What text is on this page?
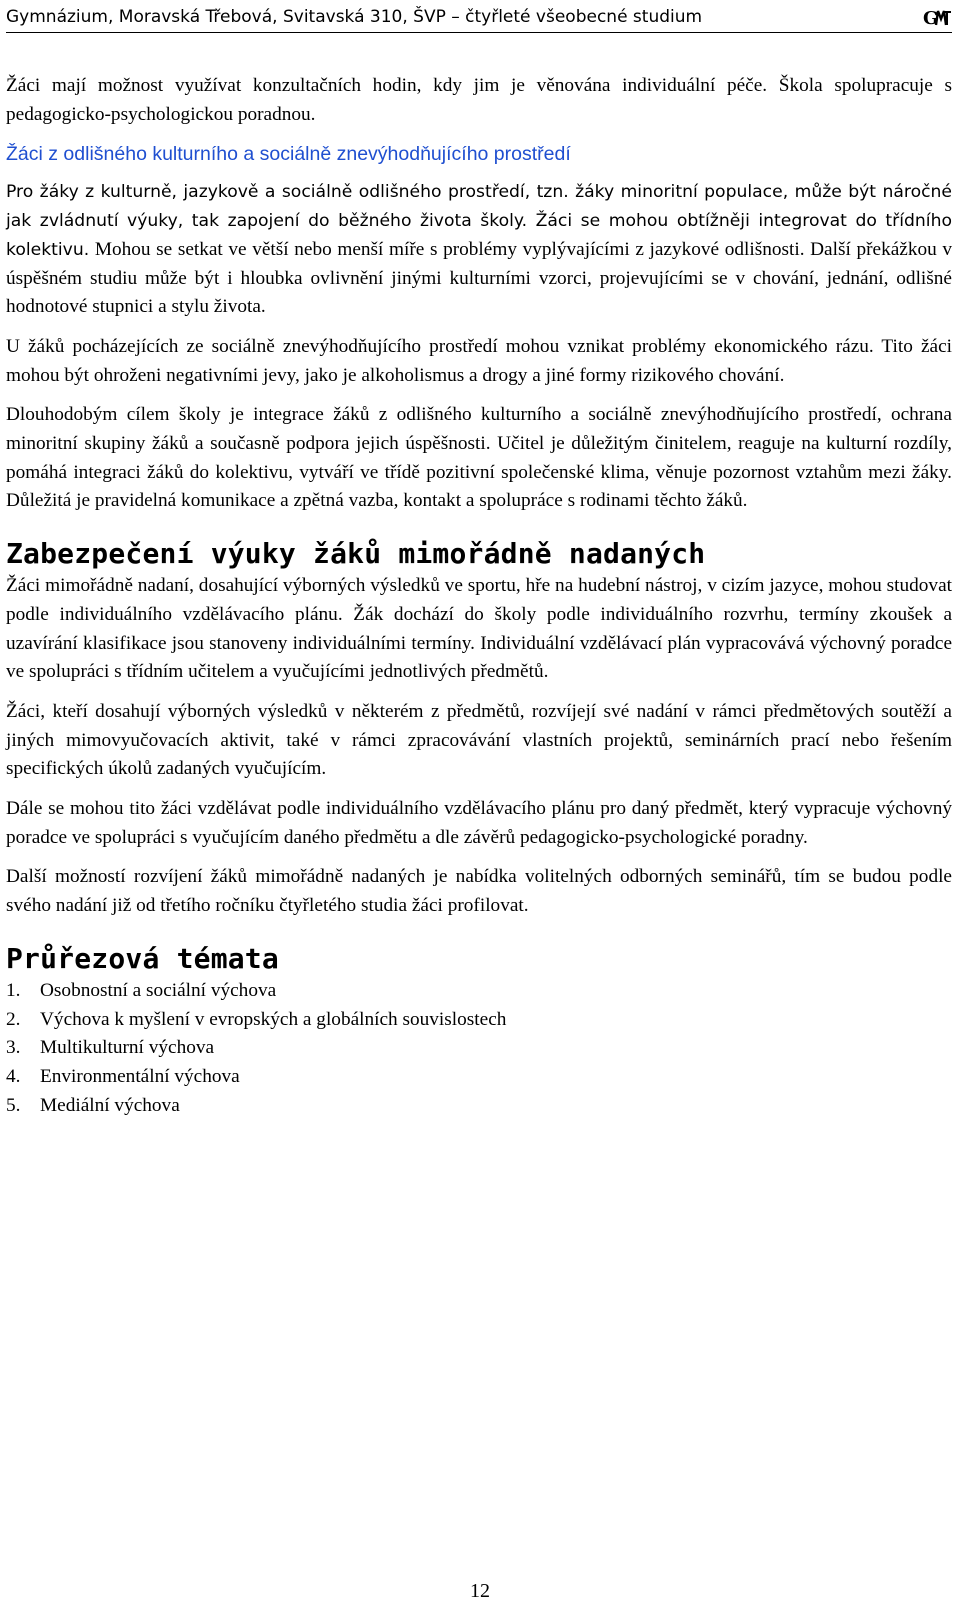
Gymnázium, Moravská Třebová, Svitavská 310, ŠVP – čtyřleté všeobecné studium	G

Žáci mají možnost využívat konzultačních hodin, kdy jim je věnována individuální péče. Škola spolupracuje s pedagogicko-psychologickou poradnou.

Žáci z odlišného kulturního a sociálně znevýhodňujícího prostředí

Pro žáky z kulturně, jazykově a sociálně odlišného prostředí, tzn. žáky minoritní populace, může být náročné jak zvládnutí výuky, tak zapojení do běžného života školy. Žáci se mohou obtížněji integrovat do třídního kolektivu. Mohou se setkat ve větší nebo menší míře s problémy vyplývajícími z jazykové odlišnosti. Další překážkou v úspěšném studiu může být i hloubka ovlivnění jinými kulturními vzorci, projevujícími se v chování, jednání, odlišné hodnotové stupnici a stylu života.

U žáků pocházejících ze sociálně znevýhodňujícího prostředí mohou vznikat problémy ekonomického rázu. Tito žáci mohou být ohroženi negativními jevy, jako je alkoholismus a drogy a jiné formy rizikového chování.

Dlouhodobým cílem školy je integrace žáků z odlišného kulturního a sociálně znevýhodňujícího prostředí, ochrana minoritní skupiny žáků a současně podpora jejich úspěšnosti. Učitel je důležitým činitelem, reaguje na kulturní rozdíly, pomáhá integraci žáků do kolektivu, vytváří ve třídě pozitivní společenské klima, věnuje pozornost vztahům mezi žáky. Důležitá je pravidelná komunikace a zpětná vazba, kontakt a spolupráce s rodinami těchto žáků.

Zabezpečení výuky žáků mimořádně nadaných

Žáci mimořádně nadaní, dosahující výborných výsledků ve sportu, hře na hudební nástroj, v cizím jazyce, mohou studovat podle individuálního vzdělávacího plánu. Žák dochází do školy podle individuálního rozvrhu, termíny zkoušek a uzavírání klasifikace jsou stanoveny individuálními termíny. Individuální vzdělávací plán vypracovává výchovný poradce ve spolupráci s třídním učitelem a vyučujícími jednotlivých předmětů.

Žáci, kteří dosahují výborných výsledků v některém z předmětů, rozvíjejí své nadání v rámci předmětových soutěží a jiných mimovyučovacích aktivit, také v rámci zpracovávání vlastních projektů, seminárních prací nebo řešením specifických úkolů zadaných vyučujícím.

Dále se mohou tito žáci vzdělávat podle individuálního vzdělávacího plánu pro daný předmět, který vypracuje výchovný poradce ve spolupráci s vyučujícím daného předmětu a dle závěrů pedagogicko-psychologické poradny.

Další možností rozvíjení žáků mimořádně nadaných je nabídka volitelných odborných seminářů, tím se budou podle svého nadání již od třetího ročníku čtyřletého studia žáci profilovat.

Průřezová témata
1.	Osobnostní a sociální výchova
2.	Výchova k myšlení v evropských a globálních souvislostech
3.	Multikulturní výchova
4.	Environmentální výchova
5.	Mediální výchova
12
